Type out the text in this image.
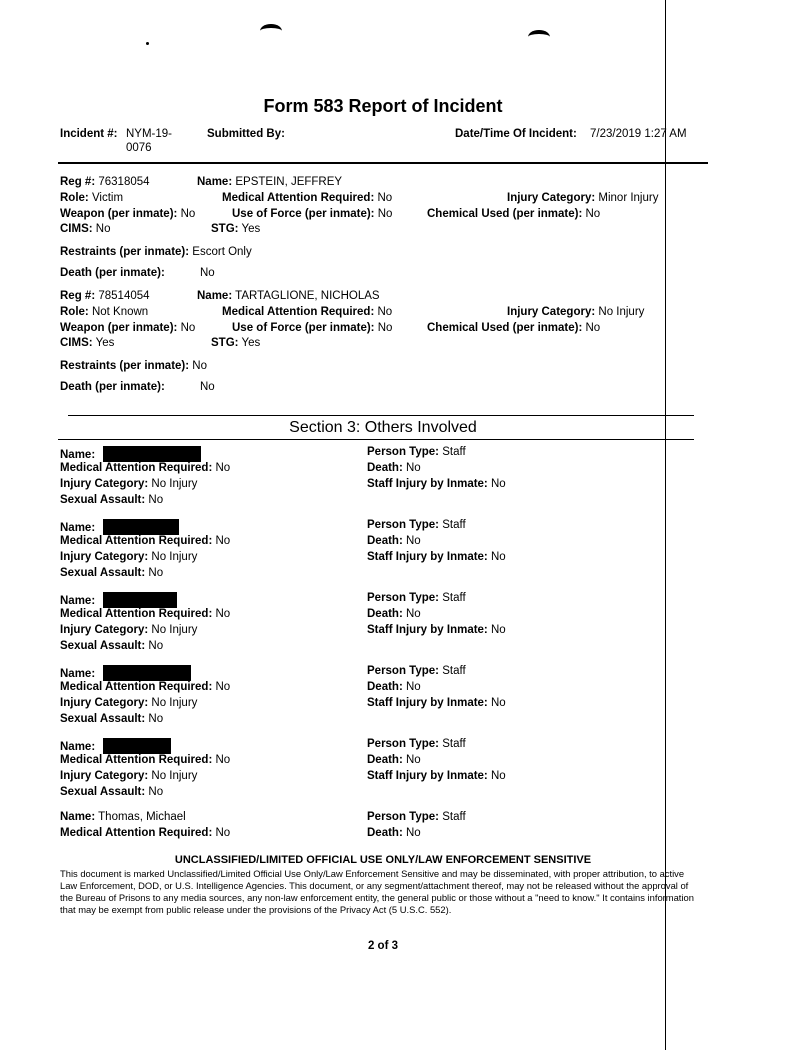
Form 583 Report of Incident
Incident #: NYM-19-
0076
Submitted By:	Date/Time Of Incident: 7/23/2019 1:27 AM
Reg #: 76318054	Name: EPSTEIN, JEFFREY
Role: Victim	Medical Attention Required: No	Injury Category: Minor Injury
Weapon (per inmate): No	Use of Force (per inmate): No	Chemical Used (per inmate): No
CIMS: No	STG: Yes
Restraints (per inmate): Escort Only
Death (per inmate):	No
Reg #: 78514054	Name: TARTAGLIONE, NICHOLAS
Role: Not Known	Medical Attention Required: No	Injury Category: No Injury
Weapon (per inmate): No	Use of Force (per inmate): No	Chemical Used (per inmate): No
CIMS: Yes	STG: Yes
Restraints (per inmate): No
Death (per inmate):	No
Section 3: Others Involved
Name:
Medical Attention Required: No
Injury Category: No Injury
Sexual Assault: No
Person Type: Staff
Death: No
Staff Injury by Inmate: No
Name:
Medical Attention Required: No
Injury Category: No Injury
Sexual Assault: No
Person Type: Staff
Death: No
Staff Injury by Inmate: No
Name:
Medical Attention Required: No
Injury Category: No Injury
Sexual Assault: No
Person Type: Staff
Death: No
Staff Injury by Inmate: No
Name:
Medical Attention Required: No
Injury Category: No Injury
Sexual Assault: No
Person Type: Staff
Death: No
Staff Injury by Inmate: No
Name:
Medical Attention Required: No
Injury Category: No Injury
Sexual Assault: No
Person Type: Staff
Death: No
Staff Injury by Inmate: No
Name: Thomas, Michael
Medical Attention Required: No
Person Type: Staff
Death: No
UNCLASSIFIED/LIMITED OFFICIAL USE ONLY/LAW ENFORCEMENT SENSITIVE
This document is marked Unclassified/Limited Official Use Only/Law Enforcement Sensitive and may be disseminated, with proper attribution, to active Law Enforcement, DOD, or U.S. Intelligence Agencies. This document, or any segment/attachment thereof, may not be released without the approval of the Bureau of Prisons to any media sources, any non-law enforcement entity, the general public or those without a "need to know." It contains information that may be exempt from public release under the provisions of the Privacy Act (5 U.S.C. 552).
2 of 3
